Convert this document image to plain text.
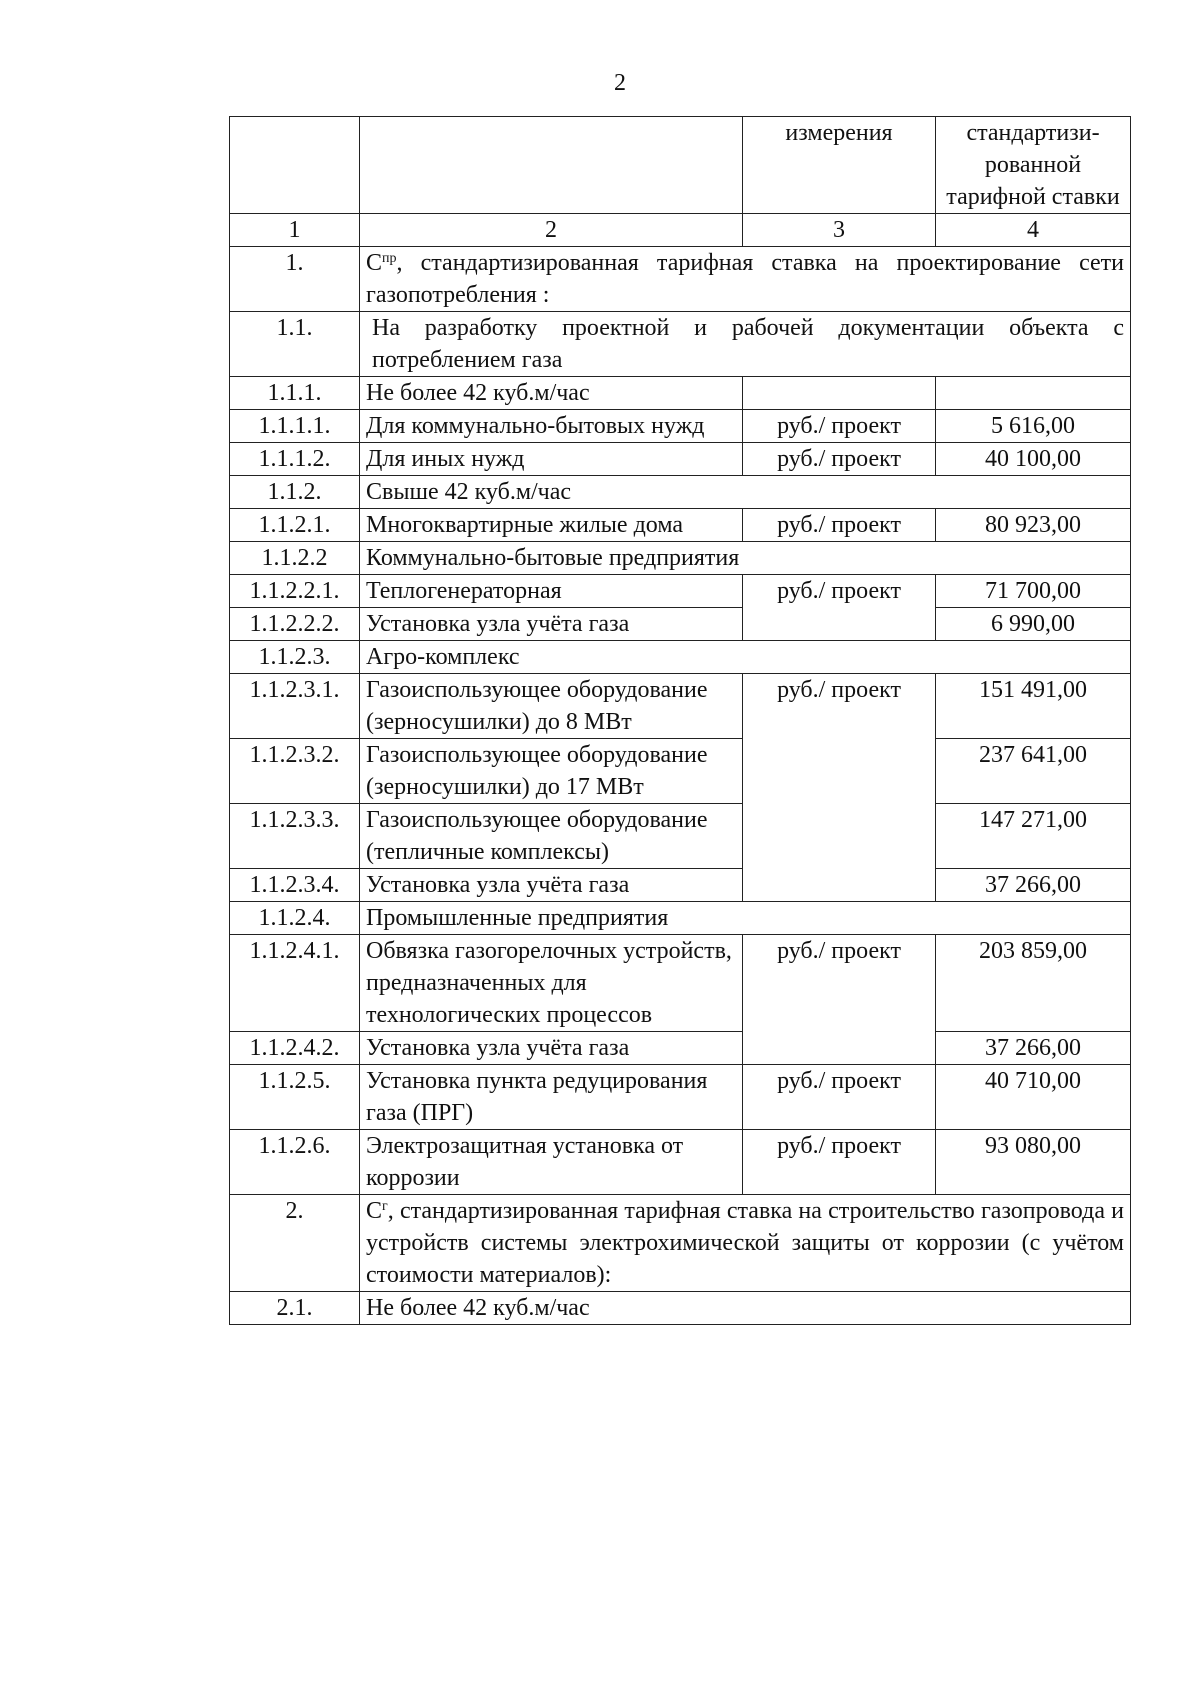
2
		измерения	стандартизи-рованной тарифной ставки
1	2	3	4
1.	$С^{пр}$, стандартизированная тарифная ставка на проектирование сети газопотребления :		
1.1.	На разработку проектной и рабочей документации объекта с потреблением газа		
1.1.1.	Не более 42 куб.м/час		
1.1.1.1.	Для коммунально-бытовых нужд	руб./ проект	5 616,00
1.1.1.2.	Для иных нужд	руб./ проект	40 100,00
1.1.2.	Свыше 42 куб.м/час		
1.1.2.1.	Многоквартирные жилые дома	руб./ проект	80 923,00
1.1.2.2	Коммунально-бытовые предприятия		
1.1.2.2.1.	Теплогенераторная	руб./ проект	71 700,00
1.1.2.2.2.	Установка узла учёта газа		6 990,00
1.1.2.3.	Агро-комплекс		
1.1.2.3.1.	Газоиспользующее оборудование (зерносушилки) до 8 МВт	руб./ проект	151 491,00
1.1.2.3.2.	Газоиспользующее оборудование (зерносушилки) до 17 МВт		237 641,00
1.1.2.3.3.	Газоиспользующее оборудование (тепличные комплексы)		147 271,00
1.1.2.3.4.	Установка узла учёта газа		37 266,00
1.1.2.4.	Промышленные предприятия		
1.1.2.4.1.	Обвязка газогорелочных устройств, предназначенных для технологических процессов	руб./ проект	203 859,00
1.1.2.4.2.	Установка узла учёта газа		37 266,00
1.1.2.5.	Установка пункта редуцирования газа (ПРГ)	руб./ проект	40 710,00
1.1.2.6.	Электрозащитная установка от коррозии	руб./ проект	93 080,00
2.	$С^г$, стандартизированная тарифная ставка на строительство газопровода и устройств системы электрохимической защиты от коррозии (с учётом стоимости материалов):		
2.1.	Не более 42 куб.м/час		
